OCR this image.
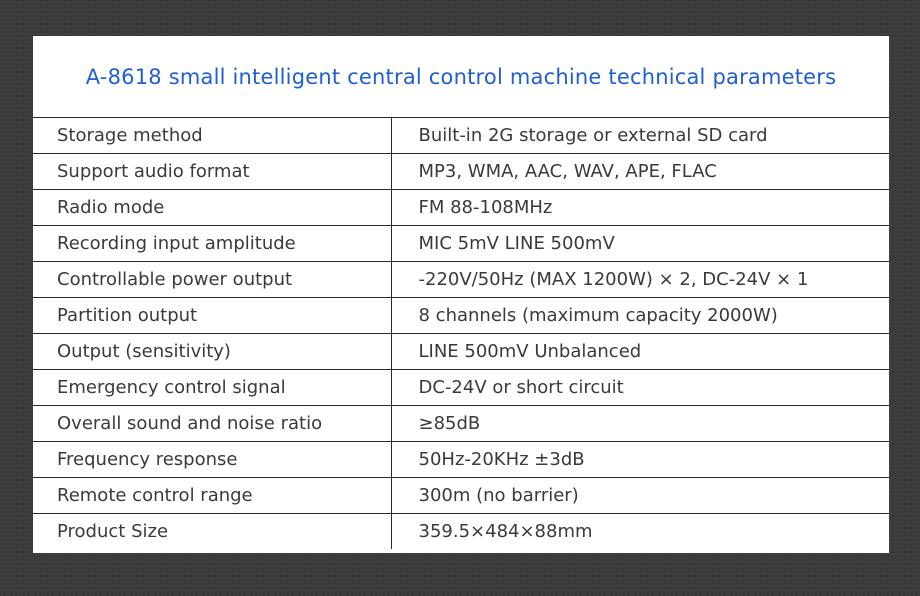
A-8618 small intelligent central control machine technical parameters
Storage method	Built-in 2G storage or external SD card
Support audio format	MP3, WMA, AAC, WAV, APE, FLAC
Radio mode	FM 88-108MHz
Recording input amplitude	MIC 5mV LINE 500mV
Controllable power output	-220V/50Hz (MAX 1200W) × 2, DC-24V × 1
Partition output	8 channels (maximum capacity 2000W)
Output (sensitivity)	LINE 500mV Unbalanced
Emergency control signal	DC-24V or short circuit
Overall sound and noise ratio	≥85dB
Frequency response	50Hz-20KHz ±3dB
Remote control range	300m (no barrier)
Product Size	359.5×484×88mm
